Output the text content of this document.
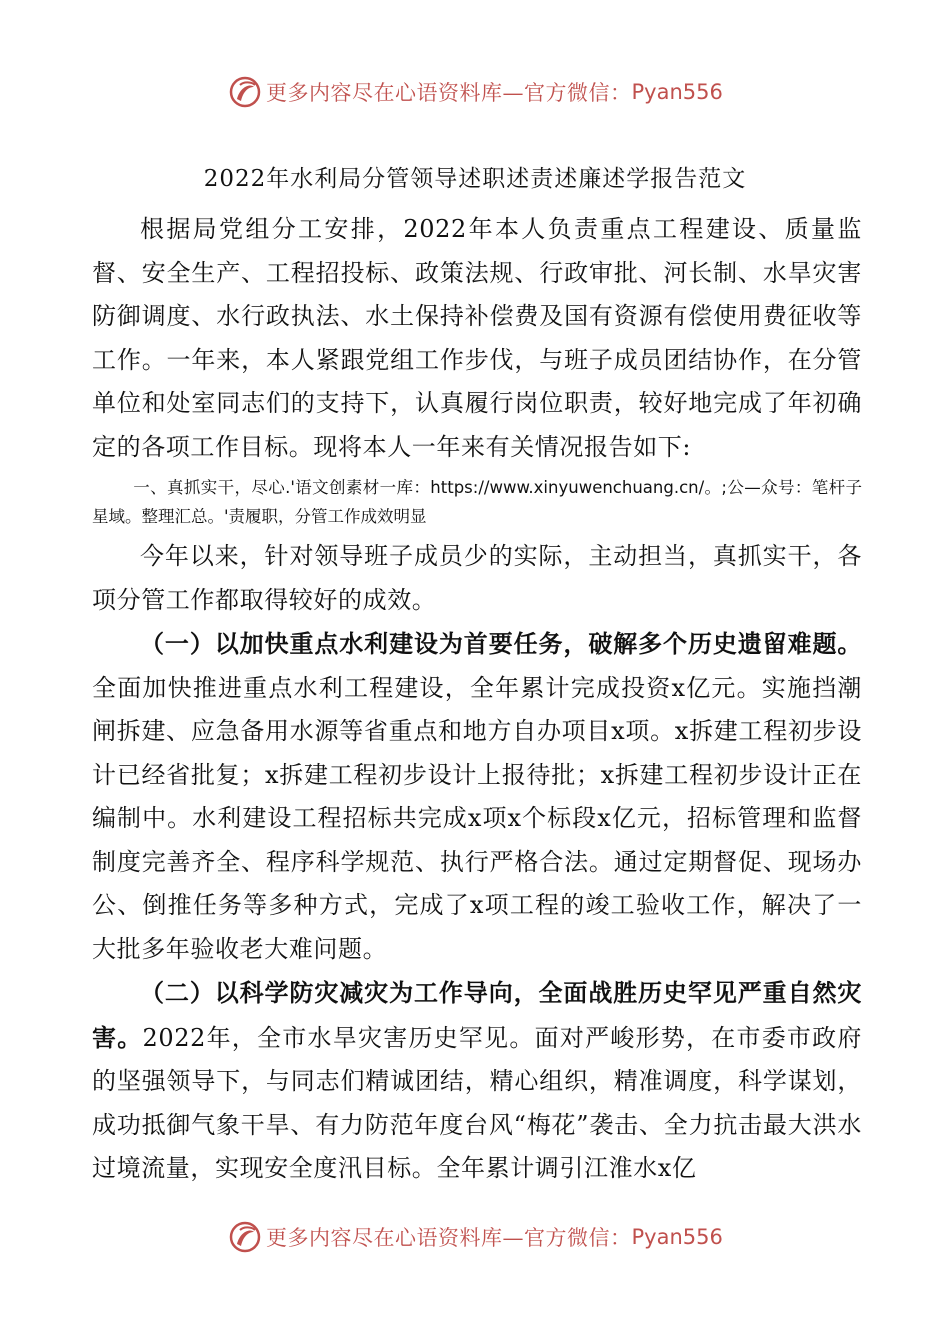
更多内容尽在心语资料库—官方微信： Pyan556
2022年水利局分管领导述职述责述廉述学报告范文

根据局党组分工安排，2022年本人负责重点工程建设、质量监督、安全生产、工程招投标、政策法规、行政审批、河长制、水旱灾害防御调度、水行政执法、水土保持补偿费及国有资源有偿使用费征收等工作。一年来，本人紧跟党组工作步伐，与班子成员团结协作，在分管单位和处室同志们的支持下，认真履行岗位职责，较好地完成了年初确定的各项工作目标。现将本人一年来有关情况报告如下:

一、真抓实干，尽心.'语文创素材一库：https://www.xinyuwenchuang.cn/。;公—众号：笔杆子星域。整理汇总。'责履职，分管工作成效明显

今年以来，针对领导班子成员少的实际，主动担当，真抓实干，各项分管工作都取得较好的成效。

（一）以加快重点水利建设为首要任务，破解多个历史遗留难题。全面加快推进重点水利工程建设，全年累计完成投资x亿元。实施挡潮闸拆建、应急备用水源等省重点和地方自办项目x项。x拆建工程初步设计已经省批复；x拆建工程初步设计上报待批；x拆建工程初步设计正在编制中。水利建设工程招标共完成x项x个标段x亿元，招标管理和监督制度完善齐全、程序科学规范、执行严格合法。通过定期督促、现场办公、倒推任务等多种方式，完成了x项工程的竣工验收工作，解决了一大批多年验收老大难问题。

（二）以科学防灾减灾为工作导向，全面战胜历史罕见严重自然灾害。2022年，全市水旱灾害历史罕见。面对严峻形势，在市委市政府的坚强领导下，与同志们精诚团结，精心组织，精准调度，科学谋划，成功抵御气象干旱、有力防范年度台风“梅花”袭击、全力抗击最大洪水过境流量，实现安全度汛目标。全年累计调引江淮水x亿

更多内容尽在心语资料库—官方微信： Pyan556
